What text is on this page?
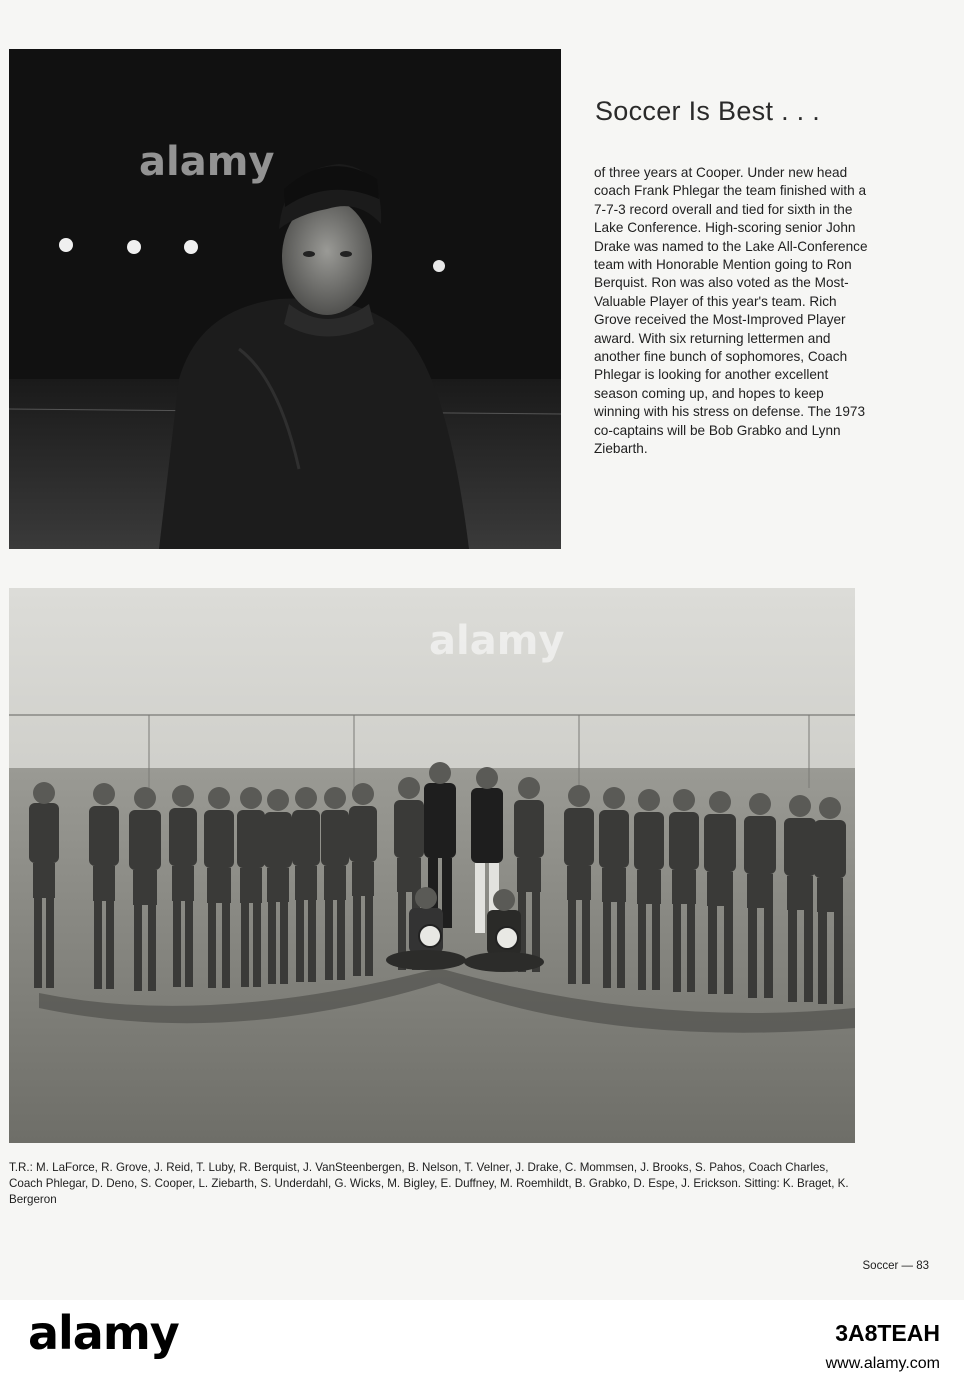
alamy
Soccer Is Best . . .
of three years at Cooper. Under new head coach Frank Phlegar the team finished with a 7-7-3 record overall and tied for sixth in the Lake Conference. High-scoring senior John Drake was named to the Lake All-Conference team with Honorable Mention going to Ron Berquist. Ron was also voted as the Most-Valuable Player of this year's team. Rich Grove received the Most-Improved Player award. With six returning lettermen and another fine bunch of sophomores, Coach Phlegar is looking for another excellent season coming up, and hopes to keep winning with his stress on defense. The 1973 co-captains will be Bob Grabko and Lynn Ziebarth.
alamy
T.R.: M. LaForce, R. Grove, J. Reid, T. Luby, R. Berquist, J. VanSteenbergen, B. Nelson, T. Velner, J. Drake, C. Mommsen, J. Brooks, S. Pahos, Coach Charles, Coach Phlegar, D. Deno, S. Cooper, L. Ziebarth, S. Underdahl, G. Wicks, M. Bigley, E. Duffney, M. Roemhildt, B. Grabko, D. Espe, J. Erickson. Sitting: K. Braget, K. Bergeron
Soccer — 83
alamy	3A8TEAH
www.alamy.com
